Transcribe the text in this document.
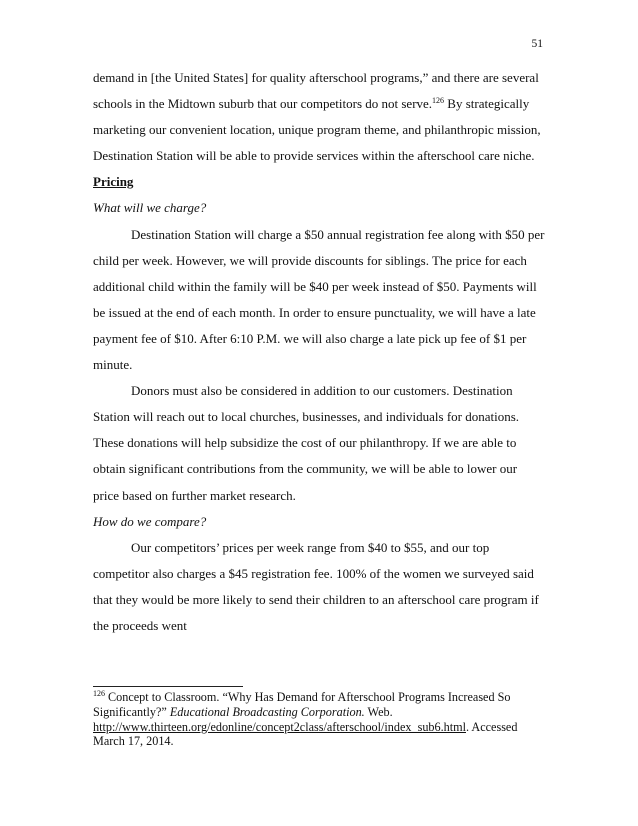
51

demand in [the United States] for quality afterschool programs,” and there are several schools in the Midtown suburb that our competitors do not serve.$^{126}$ By strategically marketing our convenient location, unique program theme, and philanthropic mission, Destination Station will be able to provide services within the afterschool care niche.

Pricing

What will we charge?

Destination Station will charge a $50 annual registration fee along with $50 per child per week. However, we will provide discounts for siblings. The price for each additional child within the family will be $40 per week instead of $50. Payments will be issued at the end of each month. In order to ensure punctuality, we will have a late payment fee of $10. After 6:10 P.M. we will also charge a late pick up fee of $1 per minute.

Donors must also be considered in addition to our customers. Destination Station will reach out to local churches, businesses, and individuals for donations. These donations will help subsidize the cost of our philanthropy. If we are able to obtain significant contributions from the community, we will be able to lower our price based on further market research.

How do we compare?

Our competitors’ prices per week range from $40 to $55, and our top competitor also charges a $45 registration fee. 100% of the women we surveyed said that they would be more likely to send their children to an afterschool care program if the proceeds went

$^{126}$ Concept to Classroom. “Why Has Demand for Afterschool Programs Increased So Significantly?” Educational Broadcasting Corporation. Web. http://www.thirteen.org/edonline/concept2class/afterschool/index_sub6.html. Accessed March 17, 2014.
